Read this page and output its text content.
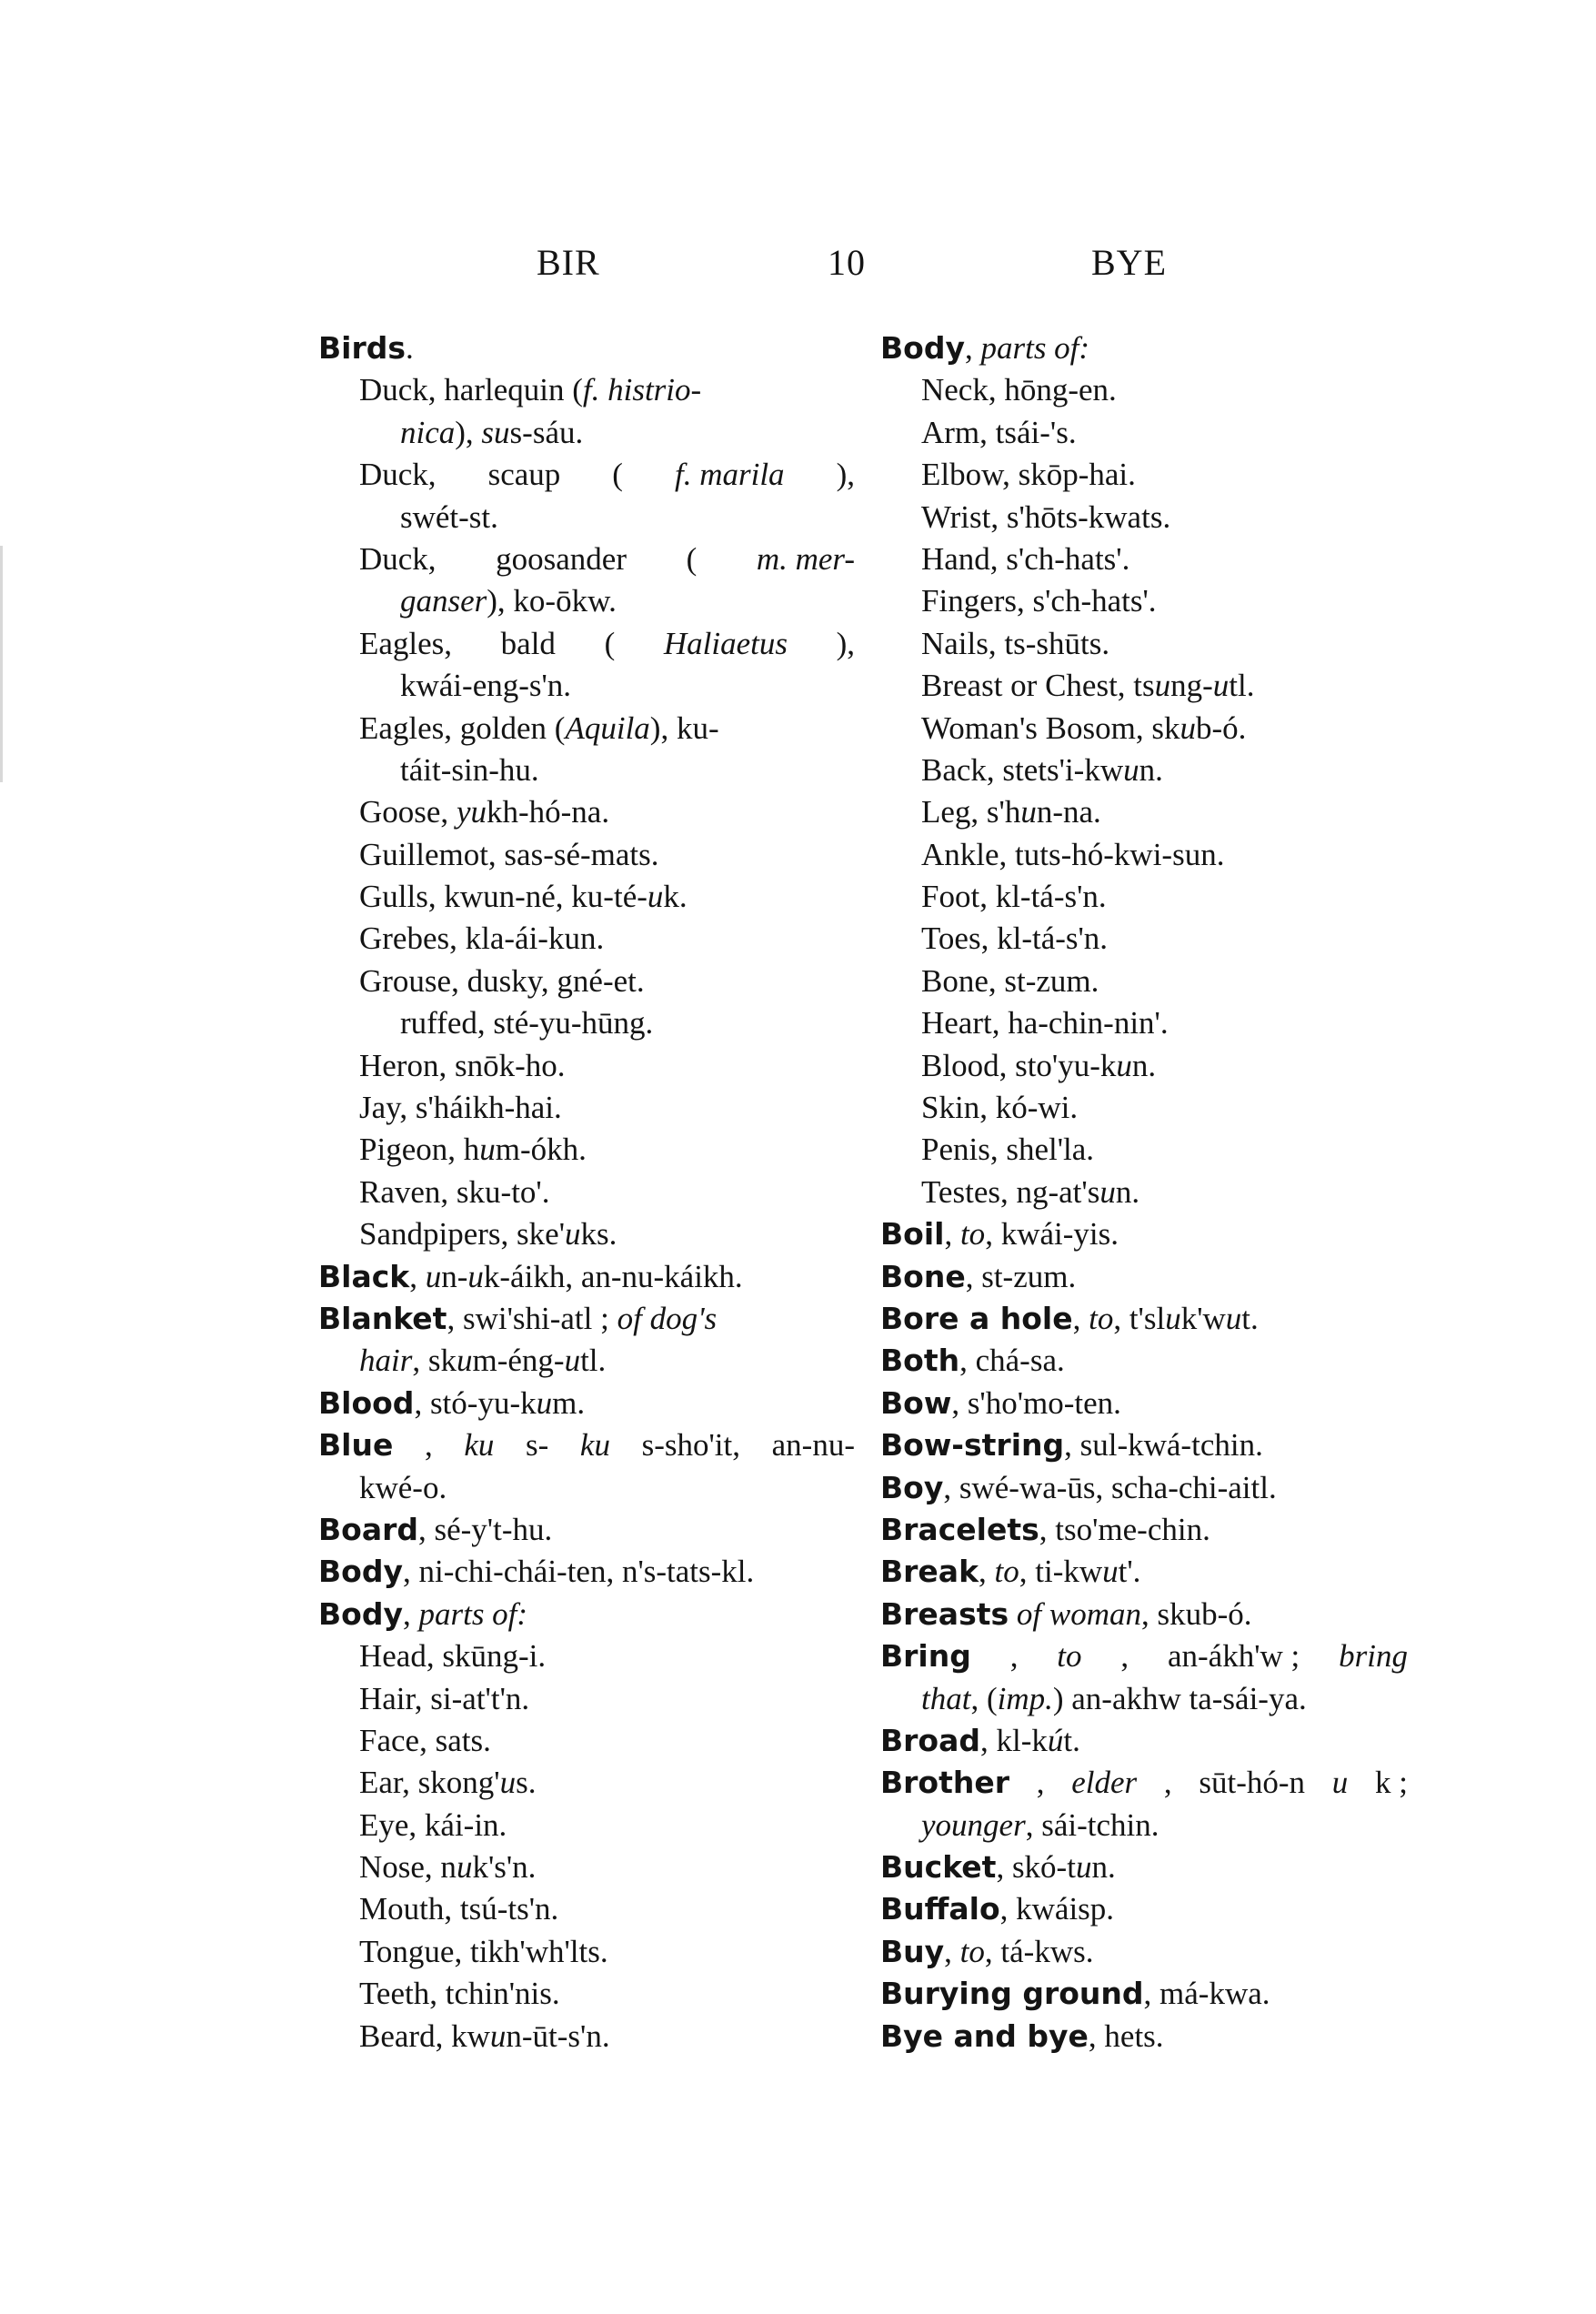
BIR	10	BYE
Birds.
Duck, harlequin (f. histrio-
nica), sus-sáu.
Duck, scaup ( f. marila ),
swét-st.
Duck, goosander ( m. mer-
ganser), ko-ōkw.
Eagles, bald ( Haliaetus ),
kwái-eng-s'n.
Eagles, golden (Aquila), ku-
táit-sin-hu.
Goose, yukh-hó-na.
Guillemot, sas-sé-mats.
Gulls, kwun-né, ku-té-uk.
Grebes, kla-ái-kun.
Grouse, dusky, gné-et.
ruffed, sté-yu-hūng.
Heron, snōk-ho.
Jay, s'háikh-hai.
Pigeon, hum-ókh.
Raven, sku-to'.
Sandpipers, ske'uks.
Black, un-uk-áikh, an-nu-káikh.
Blanket, swi'shi-atl ; of dog's
hair, skum-éng-utl.
Blood, stó-yu-kum.
Blue , ku s- ku s-sho'it, an-nu-
kwé-o.
Board, sé-y't-hu.
Body, ni-chi-chái-ten, n's-tats-kl.
Body, parts of:
Head, skūng-i.
Hair, si-at't'n.
Face, sats.
Ear, skong'us.
Eye, kái-in.
Nose, nuk's'n.
Mouth, tsú-ts'n.
Tongue, tikh'wh'lts.
Teeth, tchin'nis.
Beard, kwun-ūt-s'n.
Body, parts of:
Neck, hōng-en.
Arm, tsái-'s.
Elbow, skōp-hai.
Wrist, s'hōts-kwats.
Hand, s'ch-hats'.
Fingers, s'ch-hats'.
Nails, ts-shūts.
Breast or Chest, tsung-utl.
Woman's Bosom, skub-ó.
Back, stets'i-kwun.
Leg, s'hun-na.
Ankle, tuts-hó-kwi-sun.
Foot, kl-tá-s'n.
Toes, kl-tá-s'n.
Bone, st-zum.
Heart, ha-chin-nin'.
Blood, sto'yu-kun.
Skin, kó-wi.
Penis, shel'la.
Testes, ng-at'sun.
Boil, to, kwái-yis.
Bone, st-zum.
Bore a hole, to, t'sluk'wut.
Both, chá-sa.
Bow, s'ho'mo-ten.
Bow-string, sul-kwá-tchin.
Boy, swé-wa-ūs, scha-chi-aitl.
Bracelets, tso'me-chin.
Break, to, ti-kwut'.
Breasts of woman, skub-ó.
Bring , to , an-ákh'w ; bring
that, (imp.) an-akhw ta-sái-ya.
Broad, kl-kút.
Brother , elder , sūt-hó-n u k ;
younger, sái-tchin.
Bucket, skó-tun.
Buffalo, kwáisp.
Buy, to, tá-kws.
Burying ground, má-kwa.
Bye and bye, hets.
